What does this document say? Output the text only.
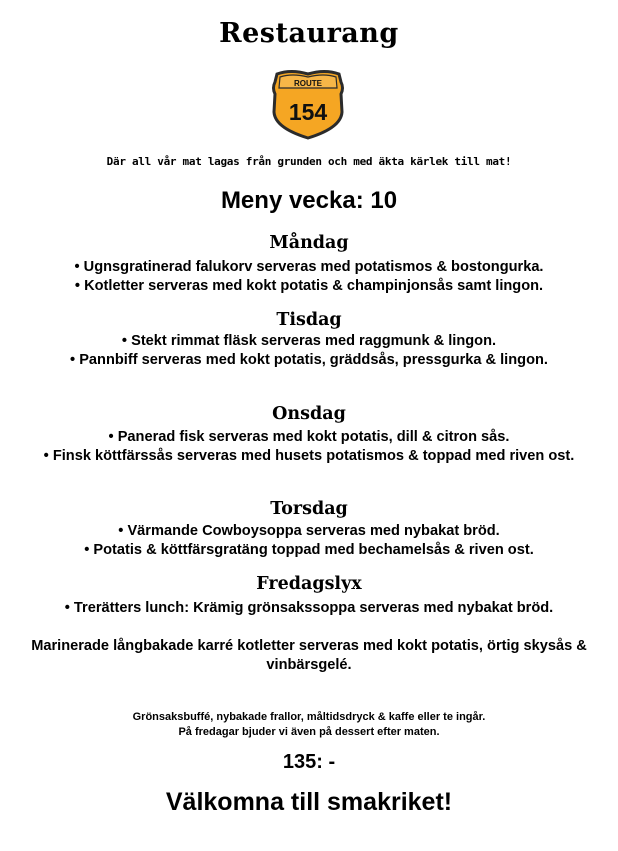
Restaurang
ROUTE
154
Där all vår mat lagas från grunden och med äkta kärlek till mat!
Meny vecka: 10
Måndag
• Ugnsgratinerad falukorv serveras med potatismos & bostongurka.
• Kotletter serveras med kokt potatis & champinjonsås samt lingon.
Tisdag
• Stekt rimmat fläsk serveras med raggmunk & lingon.
• Pannbiff serveras med kokt potatis, gräddsås, pressgurka & lingon.
Onsdag
• Panerad fisk serveras med kokt potatis, dill & citron sås.
• Finsk köttfärssås serveras med husets potatismos & toppad med riven ost.
Torsdag
• Värmande Cowboysoppa serveras med nybakat bröd.
• Potatis & köttfärsgratäng toppad med bechamelsås & riven ost.
Fredagslyx
• Trerätters lunch: Krämig grönsakssoppa serveras med nybakat bröd.
Marinerade långbakade karré kotletter serveras med kokt potatis, örtig skysås & vinbärsgelé.
Grönsaksbuffé, nybakade frallor, måltidsdryck & kaffe eller te ingår.
På fredagar bjuder vi även på dessert efter maten.
135: -
Välkomna till smakriket!
